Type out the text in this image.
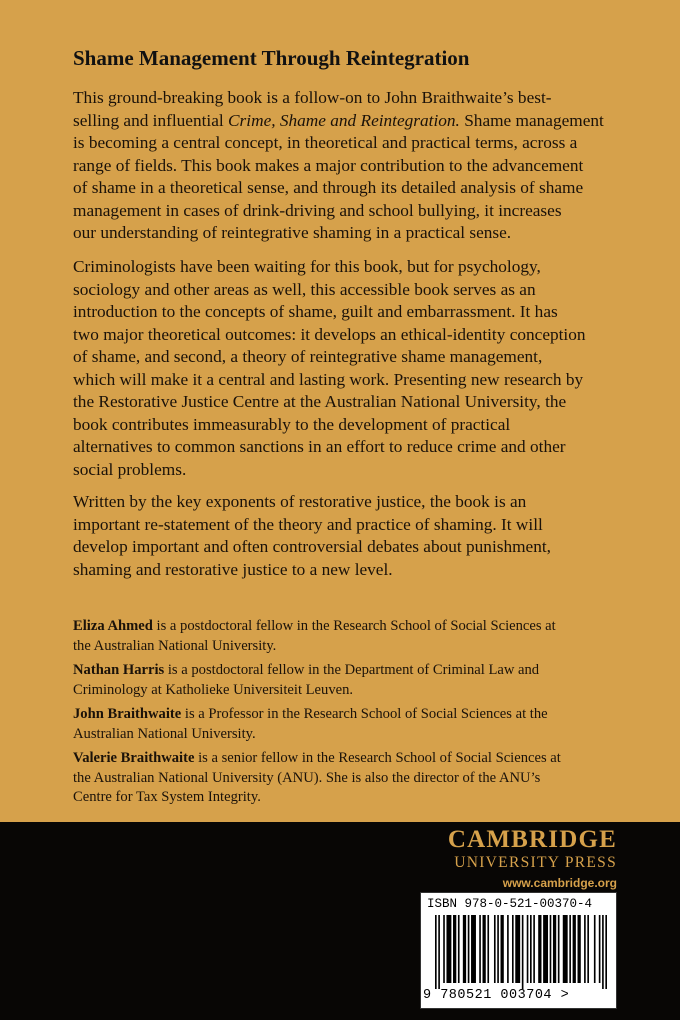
Shame Management Through Reintegration
This ground-breaking book is a follow-on to John Braithwaite’s best-
selling and influential Crime, Shame and Reintegration. Shame management
is becoming a central concept, in theoretical and practical terms, across a
range of fields. This book makes a major contribution to the advancement
of shame in a theoretical sense, and through its detailed analysis of shame
management in cases of drink-driving and school bullying, it increases
our understanding of reintegrative shaming in a practical sense.
Criminologists have been waiting for this book, but for psychology,
sociology and other areas as well, this accessible book serves as an
introduction to the concepts of shame, guilt and embarrassment. It has
two major theoretical outcomes: it develops an ethical-identity conception
of shame, and second, a theory of reintegrative shame management,
which will make it a central and lasting work. Presenting new research by
the Restorative Justice Centre at the Australian National University, the
book contributes immeasurably to the development of practical
alternatives to common sanctions in an effort to reduce crime and other
social problems.
Written by the key exponents of restorative justice, the book is an
important re-statement of the theory and practice of shaming. It will
develop important and often controversial debates about punishment,
shaming and restorative justice to a new level.
Eliza Ahmed is a postdoctoral fellow in the Research School of Social Sciences at
the Australian National University.
Nathan Harris is a postdoctoral fellow in the Department of Criminal Law and
Criminology at Katholieke Universiteit Leuven.
John Braithwaite is a Professor in the Research School of Social Sciences at the
Australian National University.
Valerie Braithwaite is a senior fellow in the Research School of Social Sciences at
the Australian National University (ANU). She is also the director of the ANU’s
Centre for Tax System Integrity.
CAMBRIDGE
UNIVERSITY PRESS
www.cambridge.org
ISBN 978-0-521-00370-4
9 780521 003704 >
